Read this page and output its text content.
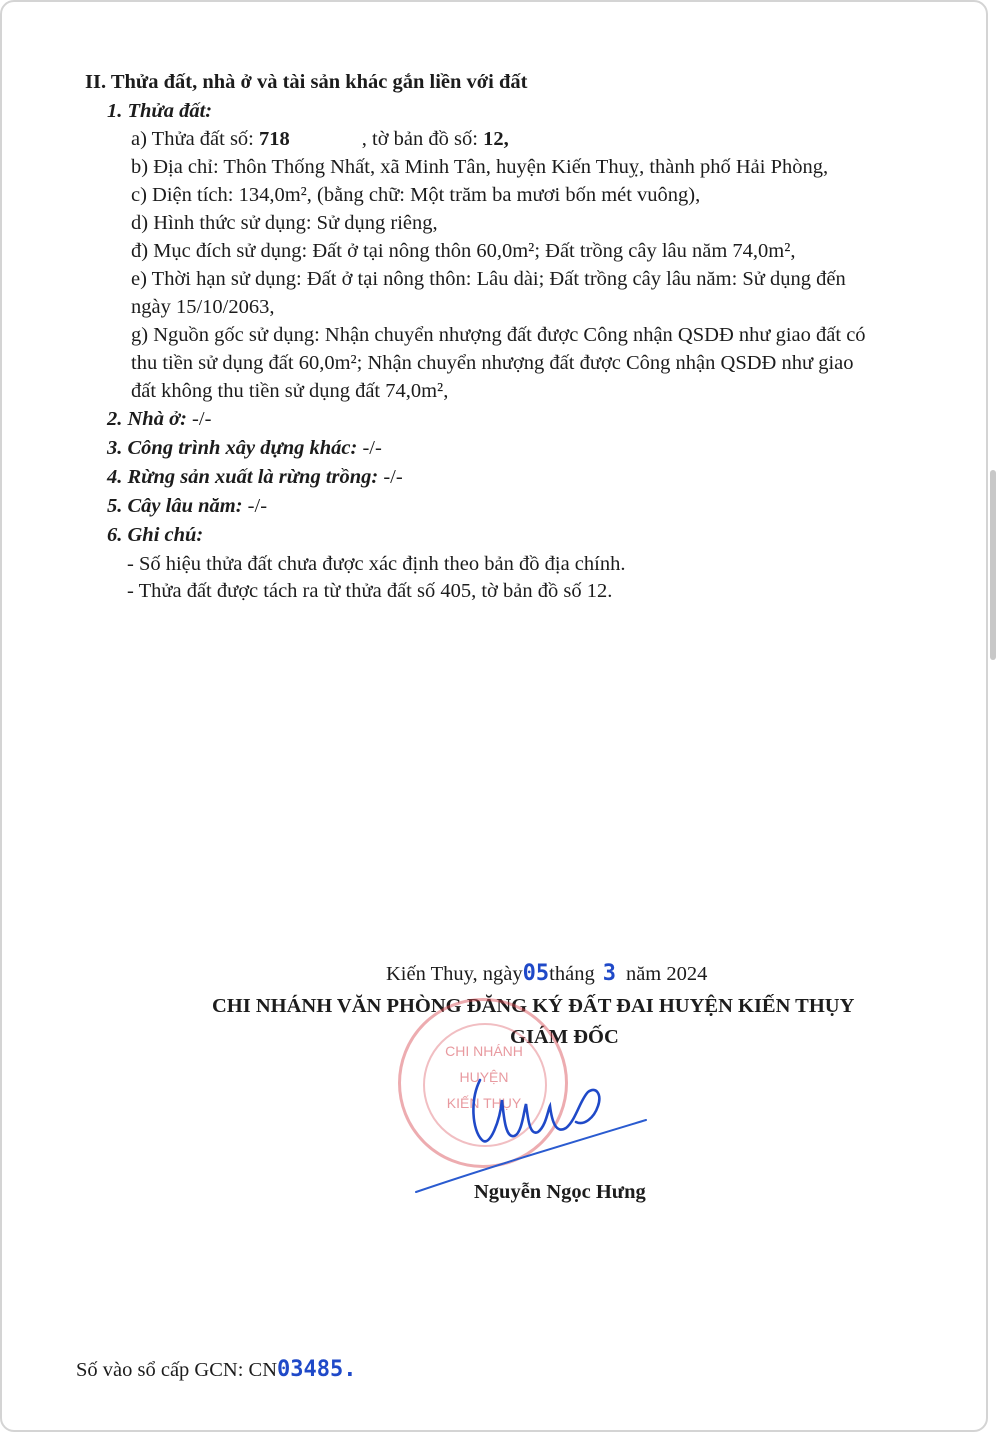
II. Thửa đất, nhà ở và tài sản khác gắn liền với đất
1. Thửa đất:
a) Thửa đất số: 718	, tờ bản đồ số: 12,
b) Địa chỉ: Thôn Thống Nhất, xã Minh Tân, huyện Kiến Thuỵ, thành phố Hải Phòng,
c) Diện tích: 134,0m², (bằng chữ: Một trăm ba mươi bốn mét vuông),
d) Hình thức sử dụng: Sử dụng riêng,
đ) Mục đích sử dụng: Đất ở tại nông thôn 60,0m²; Đất trồng cây lâu năm 74,0m²,
e) Thời hạn sử dụng: Đất ở tại nông thôn: Lâu dài; Đất trồng cây lâu năm: Sử dụng đến
ngày 15/10/2063,
g) Nguồn gốc sử dụng: Nhận chuyển nhượng đất được Công nhận QSDĐ như giao đất có
thu tiền sử dụng đất 60,0m²; Nhận chuyển nhượng đất được Công nhận QSDĐ như giao
đất không thu tiền sử dụng đất 74,0m²,
2. Nhà ở: -/-
3. Công trình xây dựng khác: -/-
4. Rừng sản xuất là rừng trồng: -/-
5. Cây lâu năm: -/-
6. Ghi chú:
- Số hiệu thửa đất chưa được xác định theo bản đồ địa chính.
- Thửa đất được tách ra từ thửa đất số 405, tờ bản đồ số 12.
Kiến Thuy, ngày05tháng 3 năm 2024
CHI NHÁNH VĂN PHÒNG ĐĂNG KÝ ĐẤT ĐAI HUYỆN KIẾN THỤY
GIÁM ĐỐC
CHI NHÁNH
HUYỆN
KIẾN THỤY
Nguyễn Ngọc Hưng
Số vào sổ cấp GCN: CN03485.
